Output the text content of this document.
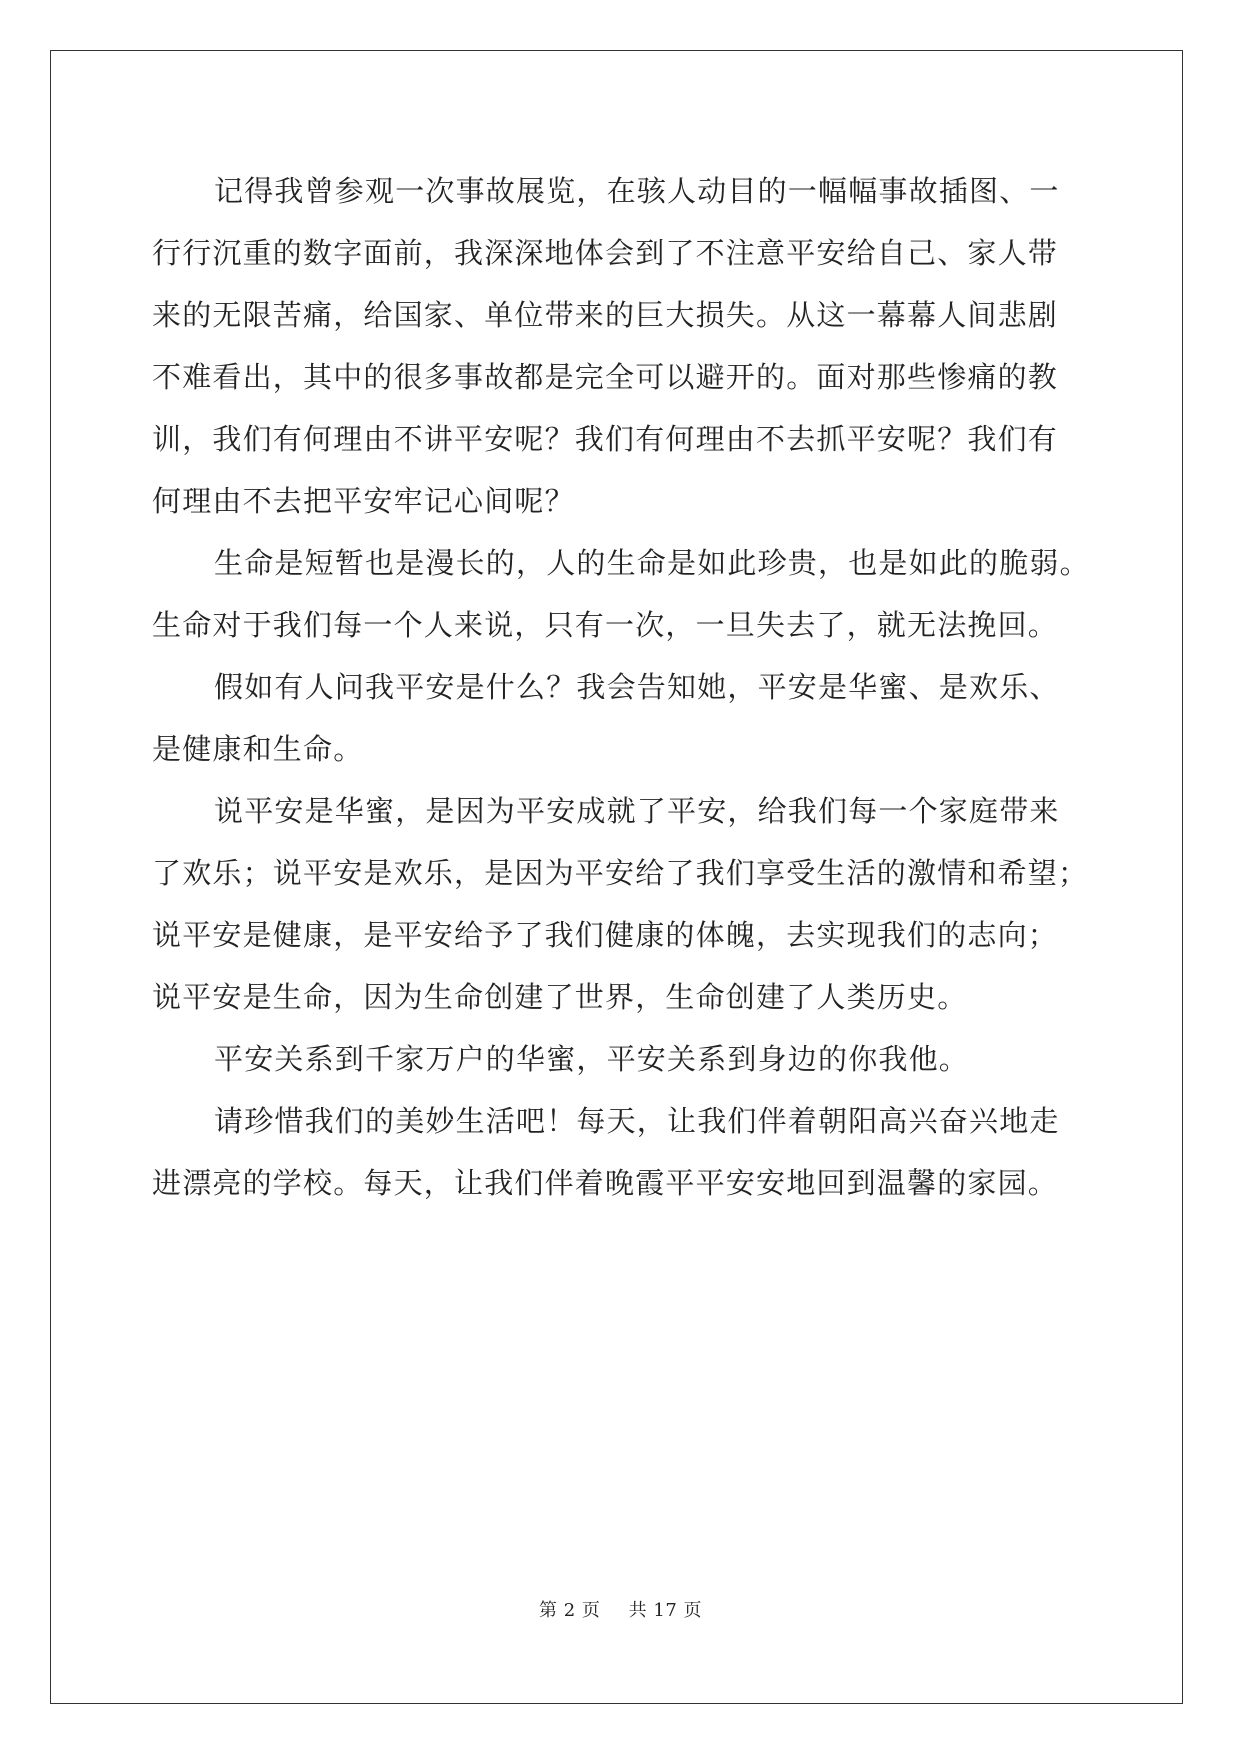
记得我曾参观一次事故展览，在骇人动目的一幅幅事故插图、一
行行沉重的数字面前，我深深地体会到了不注意平安给自己、家人带
来的无限苦痛，给国家、单位带来的巨大损失。从这一幕幕人间悲剧
不难看出，其中的很多事故都是完全可以避开的。面对那些惨痛的教
训，我们有何理由不讲平安呢？我们有何理由不去抓平安呢？我们有
何理由不去把平安牢记心间呢？
生命是短暂也是漫长的，人的生命是如此珍贵，也是如此的脆弱。
生命对于我们每一个人来说，只有一次，一旦失去了，就无法挽回。
假如有人问我平安是什么？我会告知她，平安是华蜜、是欢乐、
是健康和生命。
说平安是华蜜，是因为平安成就了平安，给我们每一个家庭带来
了欢乐；说平安是欢乐，是因为平安给了我们享受生活的激情和希望；
说平安是健康，是平安给予了我们健康的体魄，去实现我们的志向；
说平安是生命，因为生命创建了世界，生命创建了人类历史。
平安关系到千家万户的华蜜，平安关系到身边的你我他。
请珍惜我们的美妙生活吧！每天，让我们伴着朝阳高兴奋兴地走
进漂亮的学校。每天，让我们伴着晚霞平平安安地回到温馨的家园。
第 2 页 共 17 页
